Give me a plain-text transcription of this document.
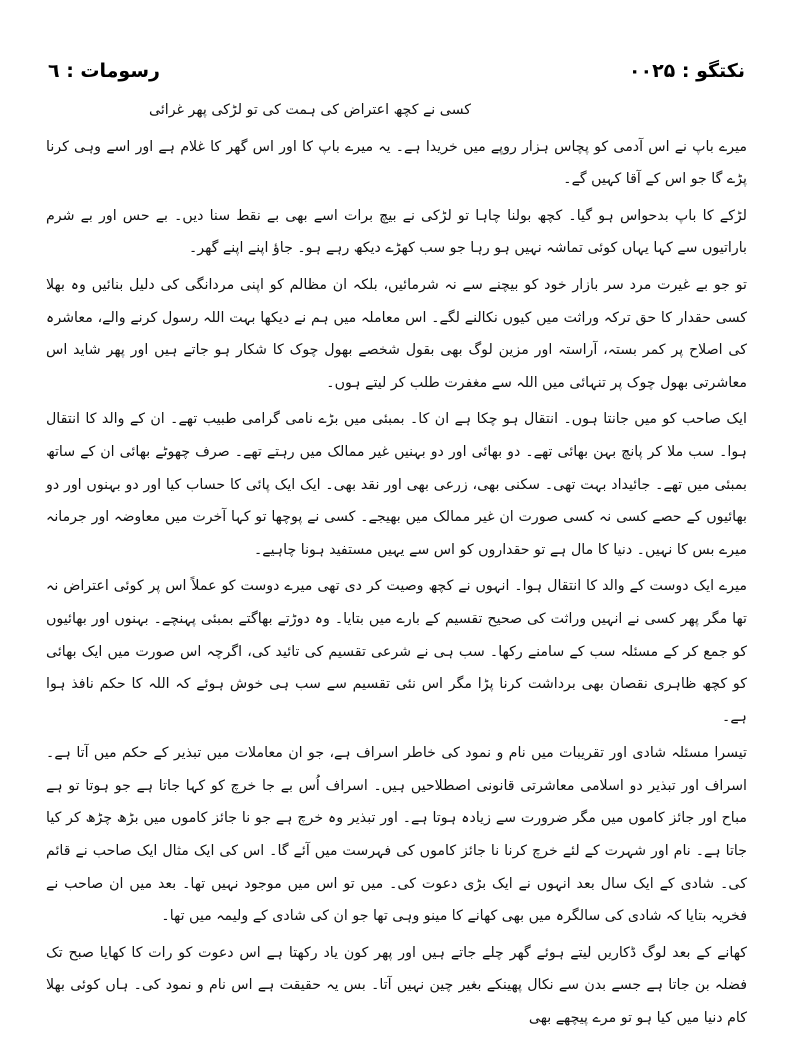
رسومات : ٦	نکتگو : ۰۰۲۵

کسی نے کچھ اعتراض کی ہمت کی تو لڑکی پھر غرائی

میرے باپ نے اس آدمی کو پچاس ہزار روپے میں خریدا ہے۔ یہ میرے باپ کا اور اس گھر کا غلام ہے اور اسے وہی کرنا پڑے گا جو اس کے آقا کہیں گے۔

لڑکے کا باپ بدحواس ہو گیا۔ کچھ بولنا چاہا تو لڑکی نے بیچ برات اسے بھی بے نقط سنا دیں۔ بے حس اور بے شرم باراتیوں سے کہا یہاں کوئی تماشہ نہیں ہو رہا جو سب کھڑے دیکھ رہے ہو۔ جاؤ اپنے اپنے گھر۔

تو جو بے غیرت مرد سر بازار خود کو بیچنے سے نہ شرمائیں، بلکہ ان مظالم کو اپنی مردانگی کی دلیل بنائیں وہ بھلا کسی حقدار کا حق ترکہ وراثت میں کیوں نکالنے لگے۔ اس معاملہ میں ہم نے دیکھا بہت اللہ رسول کرنے والے، معاشرہ کی اصلاح پر کمر بستہ، آراستہ اور مزین لوگ بھی بقول شخصے بھول چوک کا شکار ہو جاتے ہیں اور پھر شاید اس معاشرتی بھول چوک پر تنہائی میں اللہ سے مغفرت طلب کر لیتے ہوں۔

ایک صاحب کو میں جانتا ہوں۔ انتقال ہو چکا ہے ان کا۔ بمبئی میں بڑے نامی گرامی طبیب تھے۔ ان کے والد کا انتقال ہوا۔ سب ملا کر پانچ بہن بھائی تھے۔ دو بھائی اور دو بہنیں غیر ممالک میں رہتے تھے۔ صرف چھوٹے بھائی ان کے ساتھ بمبئی میں تھے۔ جائیداد بہت تھی۔ سکنی بھی، زرعی بھی اور نقد بھی۔ ایک ایک پائی کا حساب کیا اور دو بہنوں اور دو بھائیوں کے حصے کسی نہ کسی صورت ان غیر ممالک میں بھیجے۔ کسی نے پوچھا تو کہا آخرت میں معاوضہ اور جرمانہ میرے بس کا نہیں۔ دنیا کا مال ہے تو حقداروں کو اس سے یہیں مستفید ہونا چاہیے۔

میرے ایک دوست کے والد کا انتقال ہوا۔ انہوں نے کچھ وصیت کر دی تھی میرے دوست کو عملاً اس پر کوئی اعتراض نہ تھا مگر پھر کسی نے انہیں وراثت کی صحیح تقسیم کے بارے میں بتایا۔ وہ دوڑتے بھاگتے بمبئی پہنچے۔ بہنوں اور بھائیوں کو جمع کر کے مسئلہ سب کے سامنے رکھا۔ سب ہی نے شرعی تقسیم کی تائید کی، اگرچہ اس صورت میں ایک بھائی کو کچھ ظاہری نقصان بھی برداشت کرنا پڑا مگر اس نئی تقسیم سے سب ہی خوش ہوئے کہ اللہ کا حکم نافذ ہوا ہے۔

تیسرا مسئلہ شادی اور تقریبات میں نام و نمود کی خاطر اسراف ہے، جو ان معاملات میں تبذیر کے حکم میں آتا ہے۔ اسراف اور تبذیر دو اسلامی معاشرتی قانونی اصطلاحیں ہیں۔ اسراف اُس بے جا خرچ کو کہا جاتا ہے جو ہوتا تو ہے مباح اور جائز کاموں میں مگر ضرورت سے زیادہ ہوتا ہے۔ اور تبذیر وہ خرچ ہے جو نا جائز کاموں میں بڑھ چڑھ کر کیا جاتا ہے۔ نام اور شہرت کے لئے خرچ کرنا نا جائز کاموں کی فہرست میں آئے گا۔ اس کی ایک مثال ایک صاحب نے قائم کی۔ شادی کے ایک سال بعد انہوں نے ایک بڑی دعوت کی۔ میں تو اس میں موجود نہیں تھا۔ بعد میں ان صاحب نے فخریہ بتایا کہ شادی کی سالگرہ میں بھی کھانے کا مینو وہی تھا جو ان کی شادی کے ولیمہ میں تھا۔

کھانے کے بعد لوگ ڈکاریں لیتے ہوئے گھر چلے جاتے ہیں اور پھر کون یاد رکھتا ہے اس دعوت کو رات کا کھایا صبح تک فضلہ بن جاتا ہے جسے بدن سے نکال پھینکے بغیر چین نہیں آتا۔ بس یہ حقیقت ہے اس نام و نمود کی۔ ہاں کوئی بھلا کام دنیا میں کیا ہو تو مرے پیچھے بھی
